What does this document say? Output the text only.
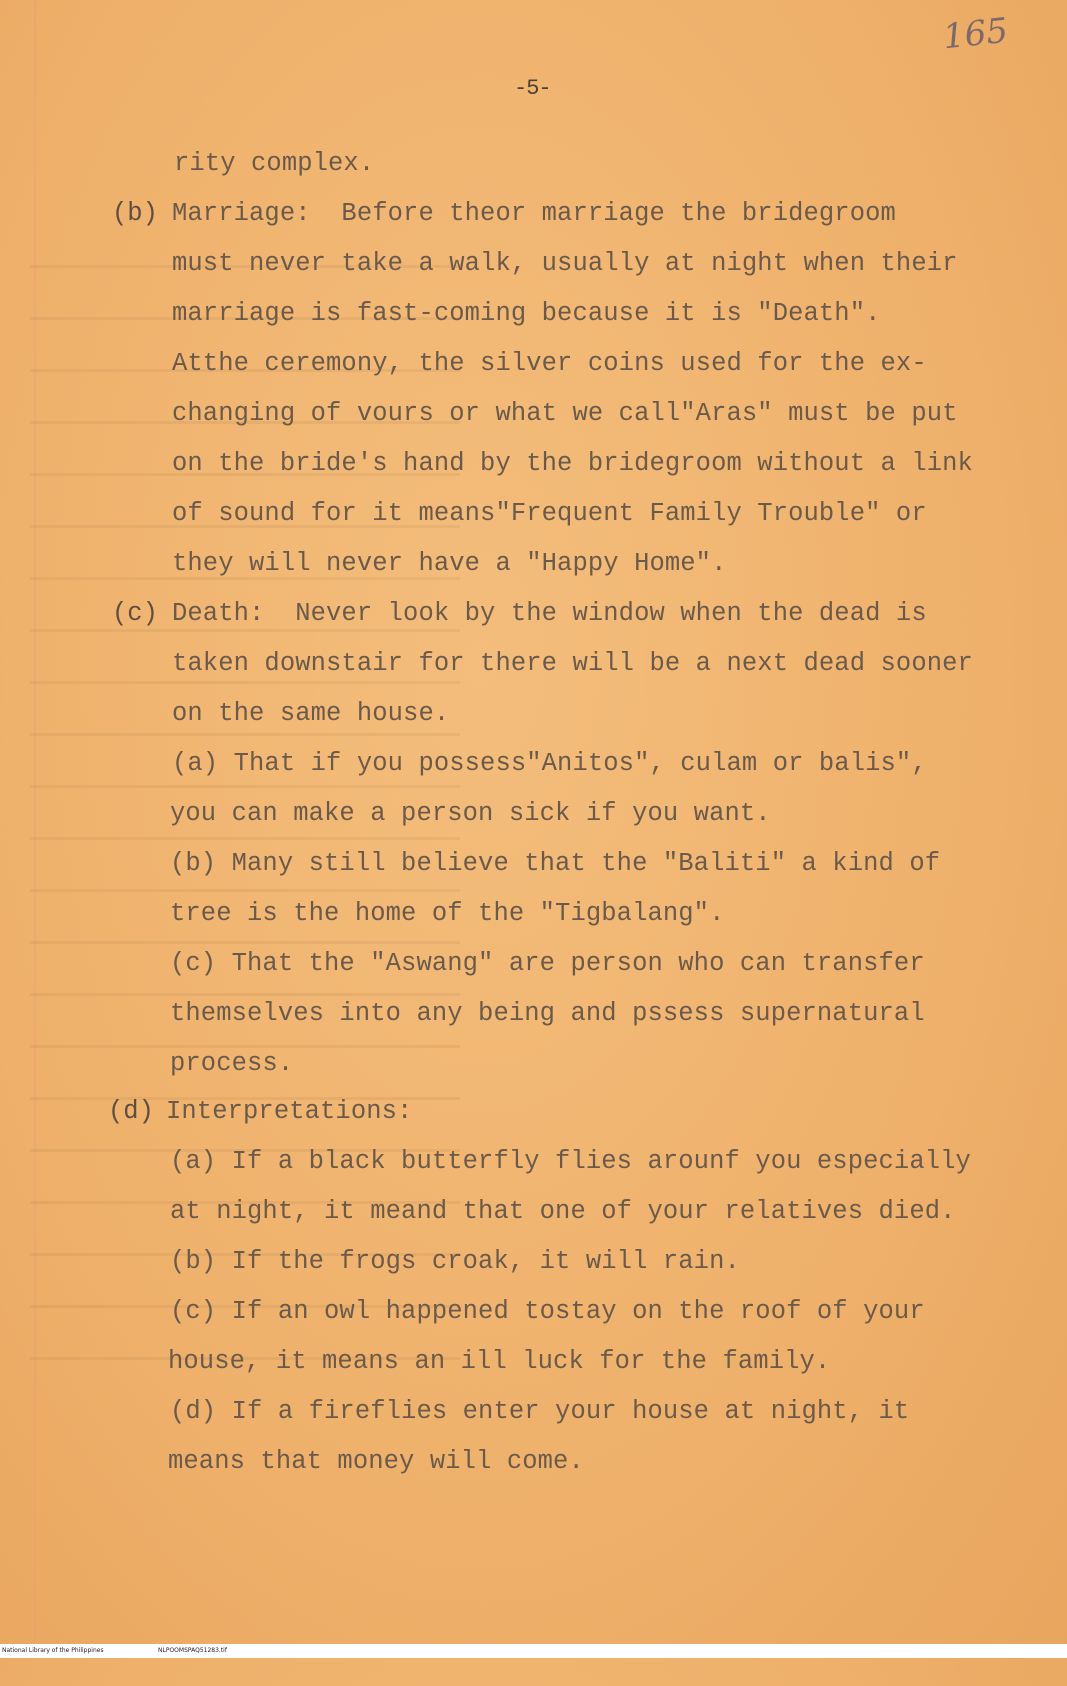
165
-5-
(b)
(c)
(d)
rity complex.
Marriage:  Before theor marriage the bridegroom
must never take a walk, usually at night when their
marriage is fast-coming because it is "Death".
Atthe ceremony, the silver coins used for the ex-
changing of vours or what we call"Aras" must be put
on the bride's hand by the bridegroom without a link
of sound for it means"Frequent Family Trouble" or
they will never have a "Happy Home".
Death:  Never look by the window when the dead is
taken downstair for there will be a next dead sooner
on the same house.
(a) That if you possess"Anitos", culam or balis",
you can make a person sick if you want.
(b) Many still believe that the "Baliti" a kind of
tree is the home of the "Tigbalang".
(c) That the "Aswang" are person who can transfer
themselves into any being and pssess supernatural
process.
Interpretations:
(a) If a black butterfly flies arounf you especially
at night, it meand that one of your relatives died.
(b) If the frogs croak, it will rain.
(c) If an owl happened tostay on the roof of your
house, it means an ill luck for the family.
(d) If a fireflies enter your house at night, it
means that money will come.

National Library of the Philippines

	NLPOOMSPAQ51283.tif
